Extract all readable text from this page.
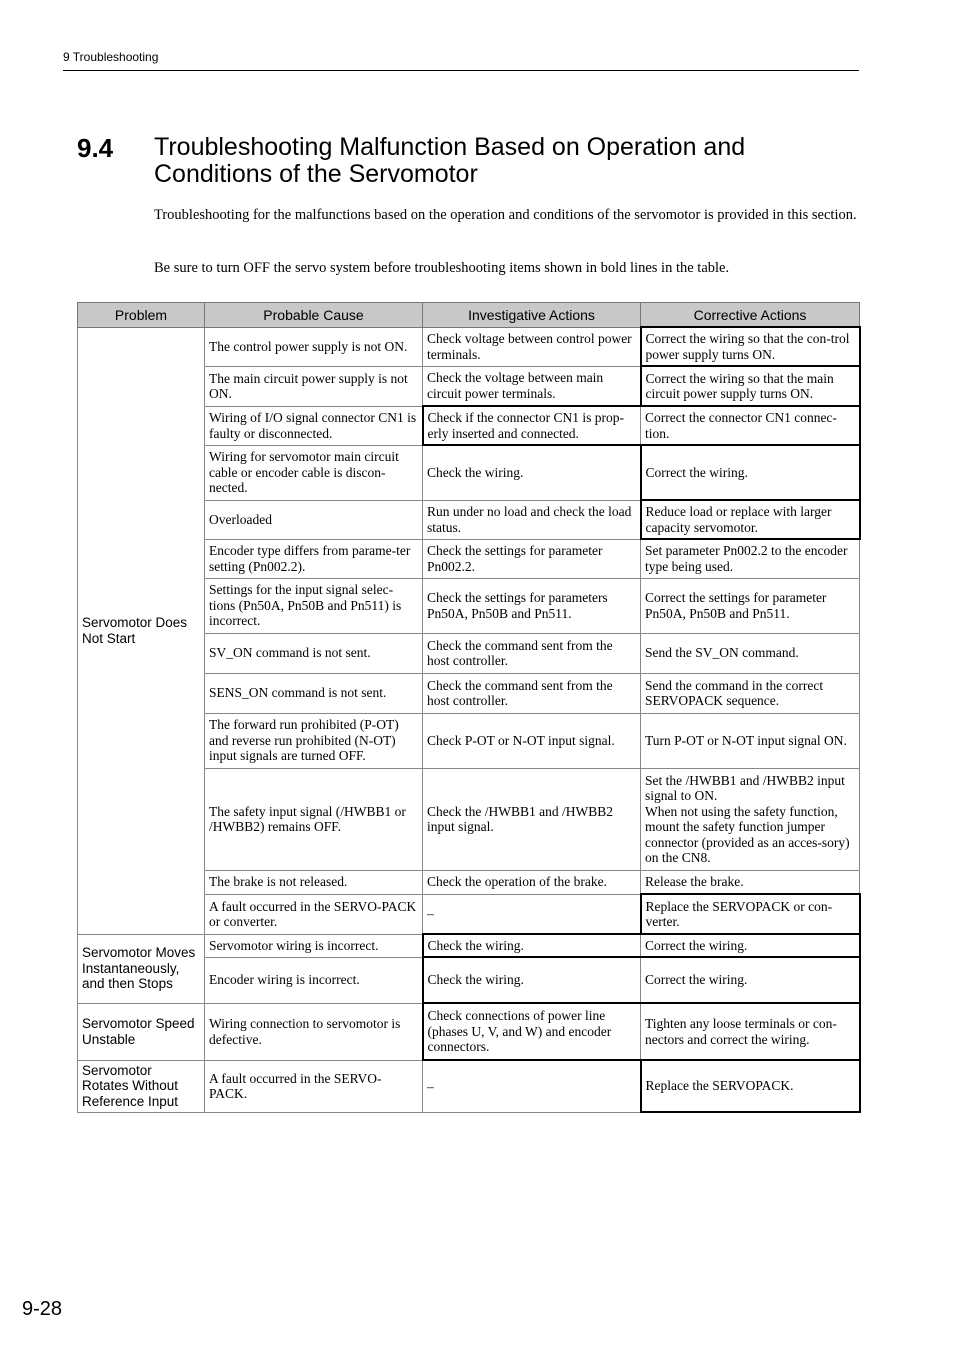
9 Troubleshooting
9.4 Troubleshooting Malfunction Based on Operation and Conditions of the Servomotor

Troubleshooting for the malfunctions based on the operation and conditions of the servomotor is provided in this section.

Be sure to turn OFF the servo system before troubleshooting items shown in bold lines in the table.

Problem	Probable Cause	Investigative Actions	Corrective Actions
Servomotor Does Not Start	The control power supply is not ON.	Check voltage between control power terminals.	Correct the wiring so that the con-trol power supply turns ON.
	The main circuit power supply is not ON.	Check the voltage between main circuit power terminals.	Correct the wiring so that the main circuit power supply turns ON.
	Wiring of I/O signal connector CN1 is faulty or disconnected.	Check if the connector CN1 is prop-erly inserted and connected.	Correct the connector CN1 connec-tion.
	Wiring for servomotor main circuit cable or encoder cable is discon-nected.	Check the wiring.	Correct the wiring.
	Overloaded	Run under no load and check the load status.	Reduce load or replace with larger capacity servomotor.
	Encoder type differs from parame-ter setting (Pn002.2).	Check the settings for parameter Pn002.2.	Set parameter Pn002.2 to the encoder type being used.
	Settings for the input signal selec-tions (Pn50A, Pn50B and Pn511) is incorrect.	Check the settings for parameters Pn50A, Pn50B and Pn511.	Correct the settings for parameter Pn50A, Pn50B and Pn511.
	SV_ON command is not sent.	Check the command sent from the host controller.	Send the SV_ON command.
	SENS_ON command is not sent.	Check the command sent from the host controller.	Send the command in the correct SERVOPACK sequence.
	The forward run prohibited (P-OT) and reverse run prohibited (N-OT) input signals are turned OFF.	Check P-OT or N-OT input signal.	Turn P-OT or N-OT input signal ON.
	The safety input signal (/HWBB1 or /HWBB2) remains OFF.	Check the /HWBB1 and /HWBB2 input signal.	Set the /HWBB1 and /HWBB2 input signal to ON.
When not using the safety function, mount the safety function jumper connector (provided as an acces-sory) on the CN8.
	The brake is not released.	Check the operation of the brake.	Release the brake.
	A fault occurred in the SERVO-PACK or converter.	–	Replace the SERVOPACK or con-verter.
Servomotor Moves Instantaneously, and then Stops	Servomotor wiring is incorrect.	Check the wiring.	Correct the wiring.
	Encoder wiring is incorrect.	Check the wiring.	Correct the wiring.
Servomotor Speed Unstable	Wiring connection to servomotor is defective.	Check connections of power line (phases U, V, and W) and encoder connectors.	Tighten any loose terminals or con-nectors and correct the wiring.
Servomotor Rotates Without Reference Input	A fault occurred in the SERVO-PACK.	–	Replace the SERVOPACK.
9-28
